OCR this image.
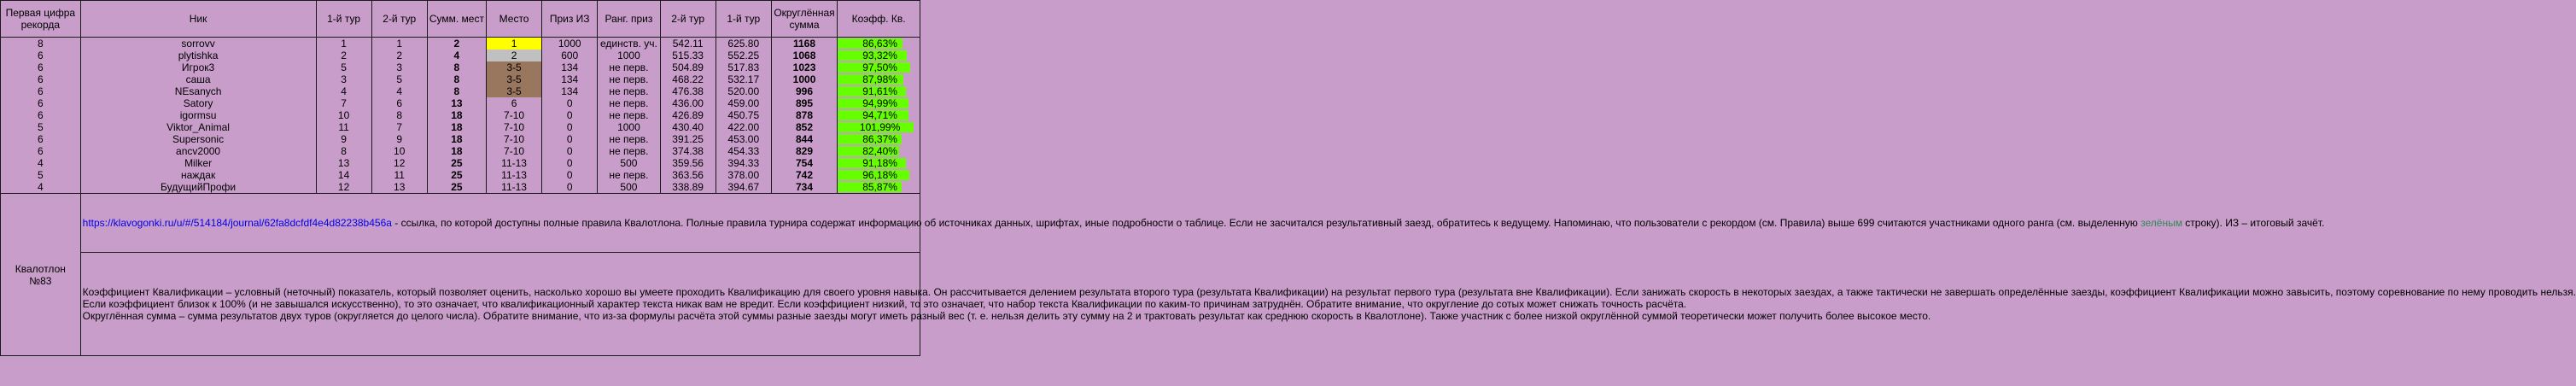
Первая цифра рекорда	Ник	1-й тур	2-й тур	Сумм. мест	Место	Приз ИЗ	Ранг. приз	2-й тур	1-й тур	Округлённая сумма	Коэфф. Кв.
8	sorrovv	1	1	2	1	1000	единств. уч.	542.11	625.80	1168	86,63%
6	plytishka	2	2	4	2	600	1000	515.33	552.25	1068	93,32%
6	Игрок3	5	3	8	3-5	134	не перв.	504.89	517.83	1023	97,50%
6	саша	3	5	8	3-5	134	не перв.	468.22	532.17	1000	87,98%
6	NEsanych	4	4	8	3-5	134	не перв.	476.38	520.00	996	91,61%
6	Satory	7	6	13	6	0	не перв.	436.00	459.00	895	94,99%
6	igormsu	10	8	18	7-10	0	не перв.	426.89	450.75	878	94,71%
5	Viktor_Animal	11	7	18	7-10	0	1000	430.40	422.00	852	101,99%
6	Supersonic	9	9	18	7-10	0	не перв.	391.25	453.00	844	86,37%
6	ancv2000	8	10	18	7-10	0	не перв.	374.38	454.33	829	82,40%
4	Milker	13	12	25	11-13	0	500	359.56	394.33	754	91,18%
5	наждак	14	11	25	11-13	0	не перв.	363.56	378.00	742	96,18%
4	БудущийПрофи	12	13	25	11-13	0	500	338.89	394.67	734	85,87%
Квалотлон
№83	https://klavogonki.ru/u/#/514184/journal/62fa8dcfdf4e4d82238b456a - ссылка, по которой доступны полные правила Квалотлона. Полные правила турнира содержат информацию об источниках данных, шрифтах, иные подробности о таблице. Если не засчитался результативный заезд, обратитесь к ведущему. Напоминаю, что пользователи с рекордом (см. Правила) выше 699 считаются участниками одного ранга (см. выделенную зелёным строку). ИЗ – итоговый зачёт.										

	Коэффициент Квалификации – условный (неточный) показатель, который позволяет оценить, насколько хорошо вы умеете проходить Квалификацию для своего уровня навыка. Он рассчитывается делением результата второго тура (результата Квалификации) на результат первого тура (результата вне Квалификации). Если занижать скорость в некоторых заездах, а также тактически не завершать определённые заезды, коэффициент Квалификации можно завысить, поэтому соревнование по нему проводить нельзя.
Если коэффициент близок к 100% (и не завышался искусственно), то это означает, что квалификационный характер текста никак вам не вредит. Если коэффициент низкий, то это означает, что набор текста Квалификации по каким-то причинам затруднён. Обратите внимание, что округление до сотых может снижать точность расчёта.
Округлённая сумма – сумма результатов двух туров (округляется до целого числа). Обратите внимание, что из-за формулы расчёта этой суммы разные заезды могут иметь разный вес (т. е. нельзя делить эту сумму на 2 и трактовать результат как среднюю скорость в Квалотлоне). Также участник с более низкой округлённой суммой теоретически может получить более высокое место.										
